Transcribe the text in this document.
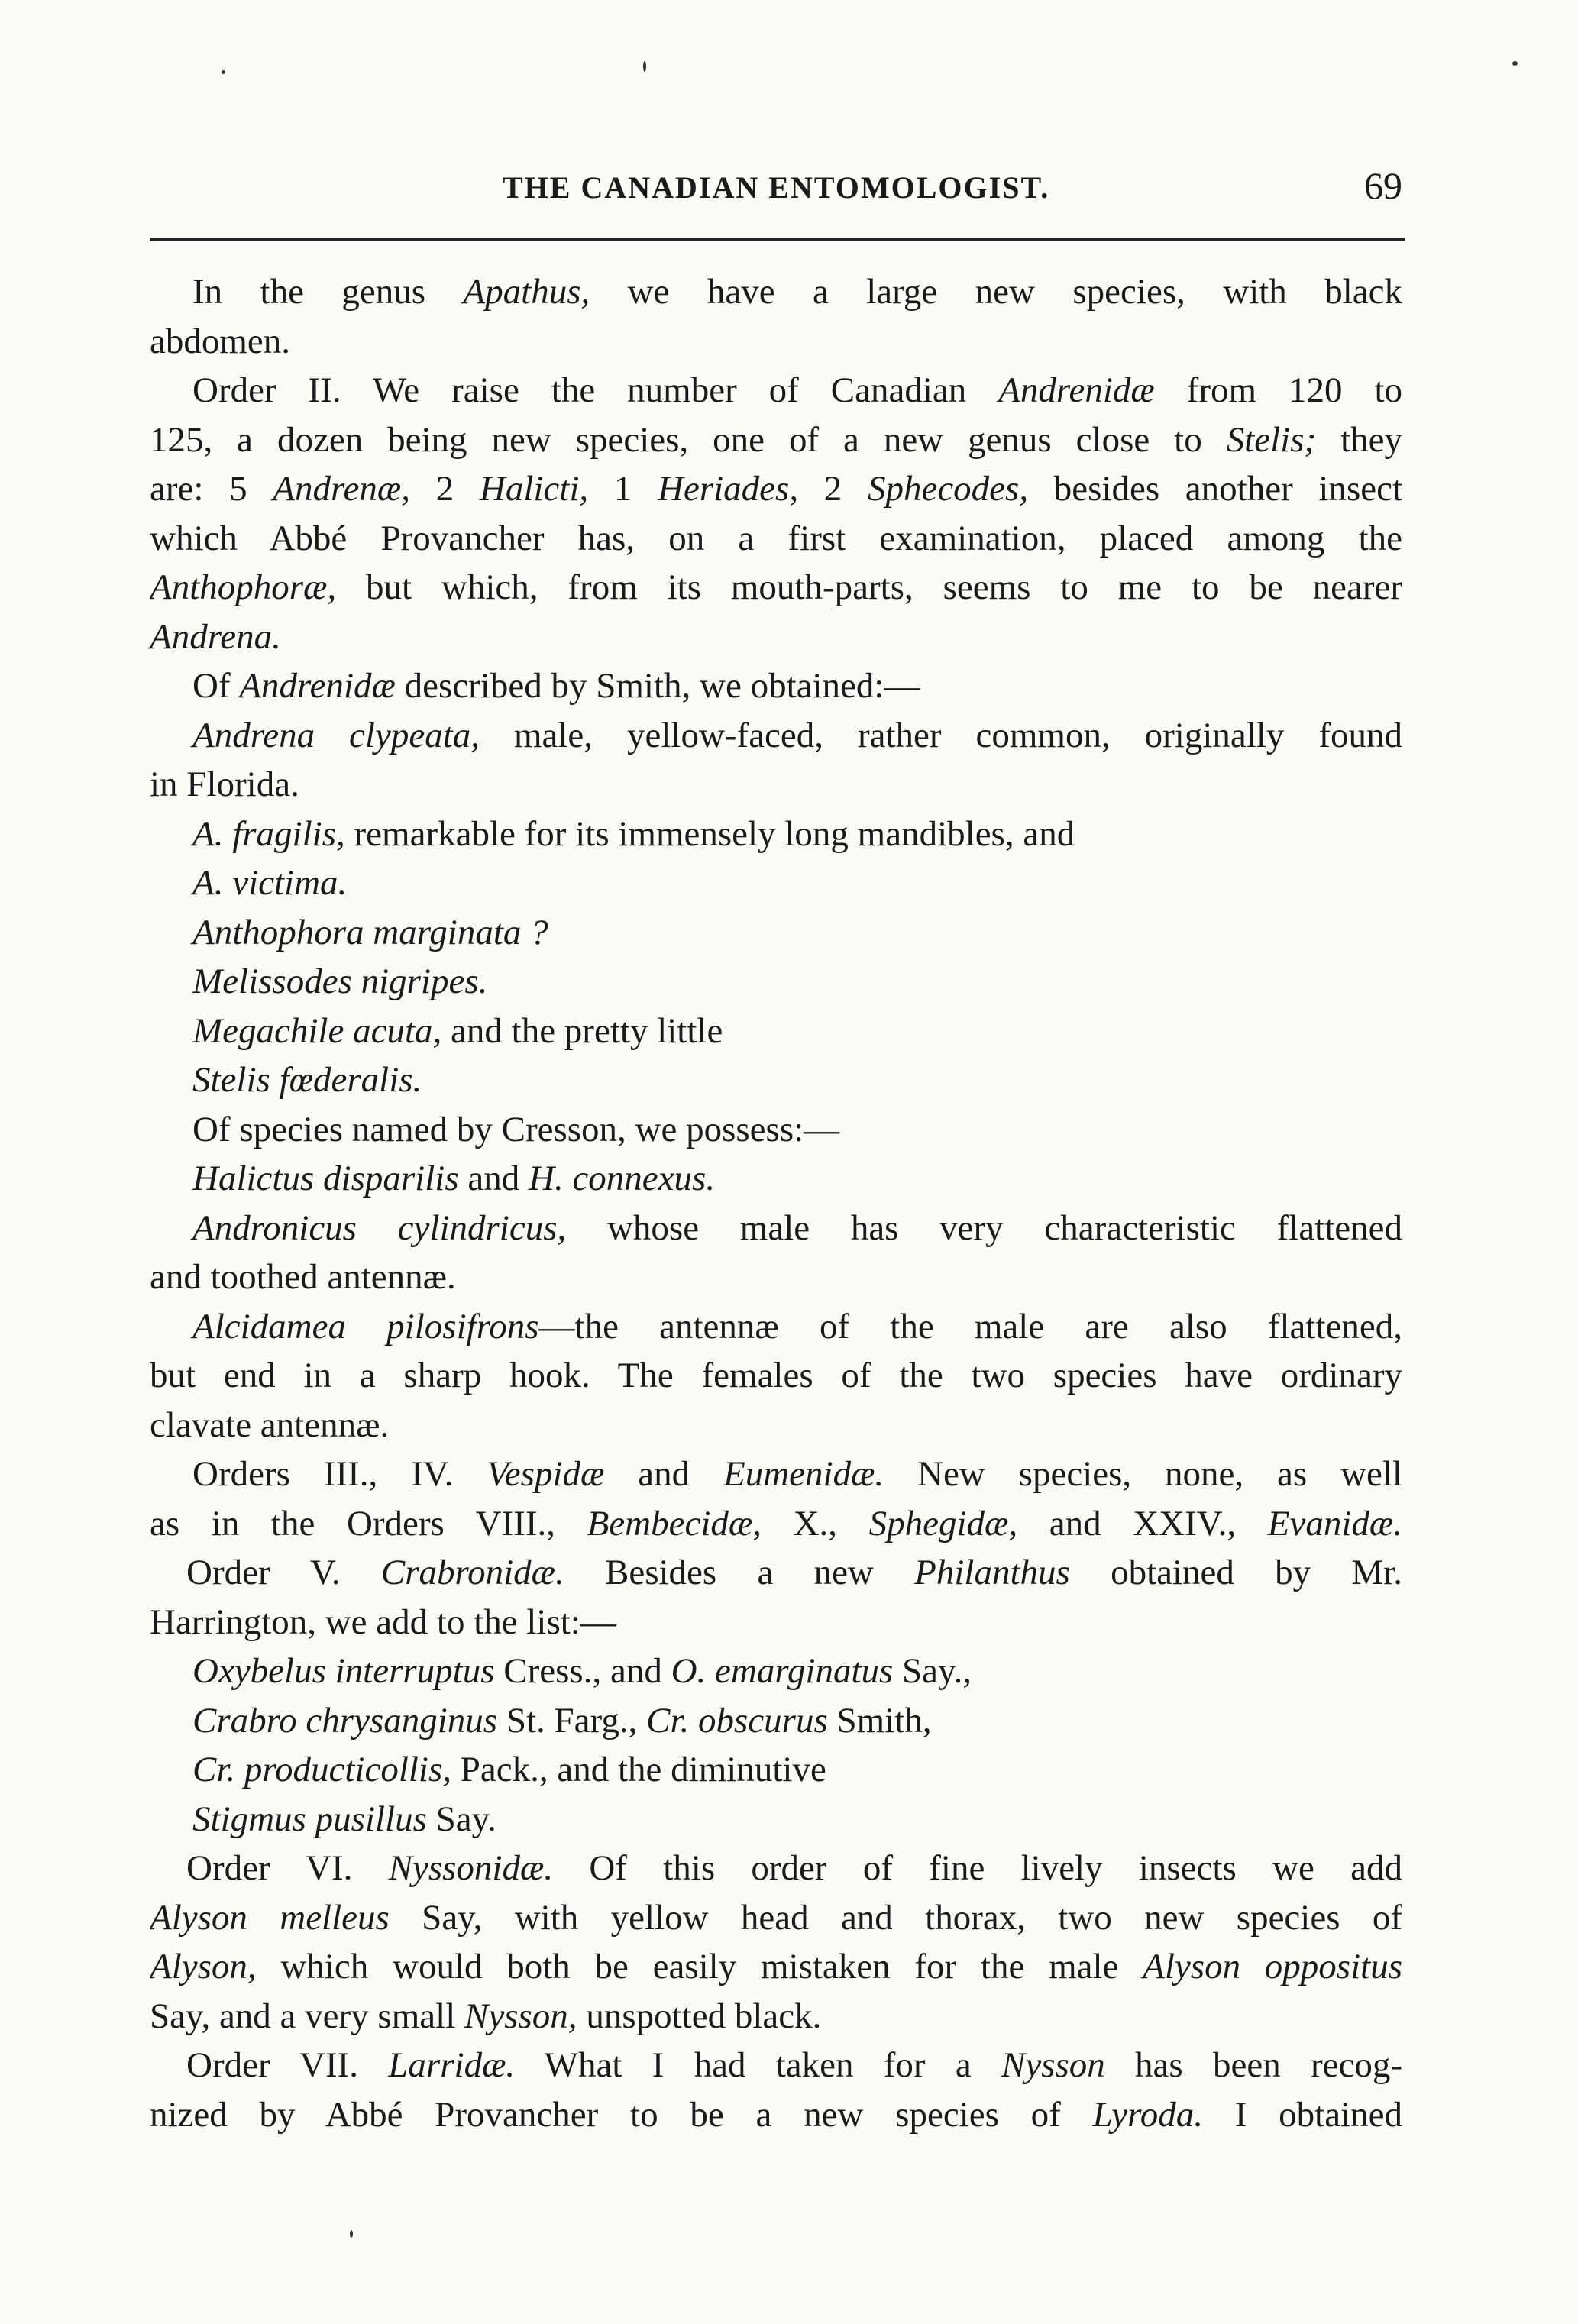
THE CANADIAN ENTOMOLOGIST.	69
In the genus Apathus, we have a large new species, with black
abdomen.
Order II. We raise the number of Canadian Andrenidæ from 120 to
125, a dozen being new species, one of a new genus close to Stelis; they
are: 5 Andrenæ, 2 Halicti, 1 Heriades, 2 Sphecodes, besides another insect
which Abbé Provancher has, on a first examination, placed among the
Anthophoræ, but which, from its mouth-parts, seems to me to be nearer
Andrena.
Of Andrenidæ described by Smith, we obtained:—
Andrena clypeata, male, yellow-faced, rather common, originally found
in Florida.
A. fragilis, remarkable for its immensely long mandibles, and
A. victima.
Anthophora marginata ?
Melissodes nigripes.
Megachile acuta, and the pretty little
Stelis fœderalis.
Of species named by Cresson, we possess:—
Halictus disparilis and H. connexus.
Andronicus cylindricus, whose male has very characteristic flattened
and toothed antennæ.
Alcidamea pilosifrons—the antennæ of the male are also flattened,
but end in a sharp hook. The females of the two species have ordinary
clavate antennæ.
Orders III., IV. Vespidæ and Eumenidæ. New species, none, as well
as in the Orders VIII., Bembecidæ, X., Sphegidæ, and XXIV., Evanidæ.
Order V. Crabronidæ. Besides a new Philanthus obtained by Mr.
Harrington, we add to the list:—
Oxybelus interruptus Cress., and O. emarginatus Say.,
Crabro chrysanginus St. Farg., Cr. obscurus Smith,
Cr. producticollis, Pack., and the diminutive
Stigmus pusillus Say.
Order VI. Nyssonidæ. Of this order of fine lively insects we add
Alyson melleus Say, with yellow head and thorax, two new species of
Alyson, which would both be easily mistaken for the male Alyson oppositus
Say, and a very small Nysson, unspotted black.
Order VII. Larridæ. What I had taken for a Nysson has been recog-
nized by Abbé Provancher to be a new species of Lyroda. I obtained
